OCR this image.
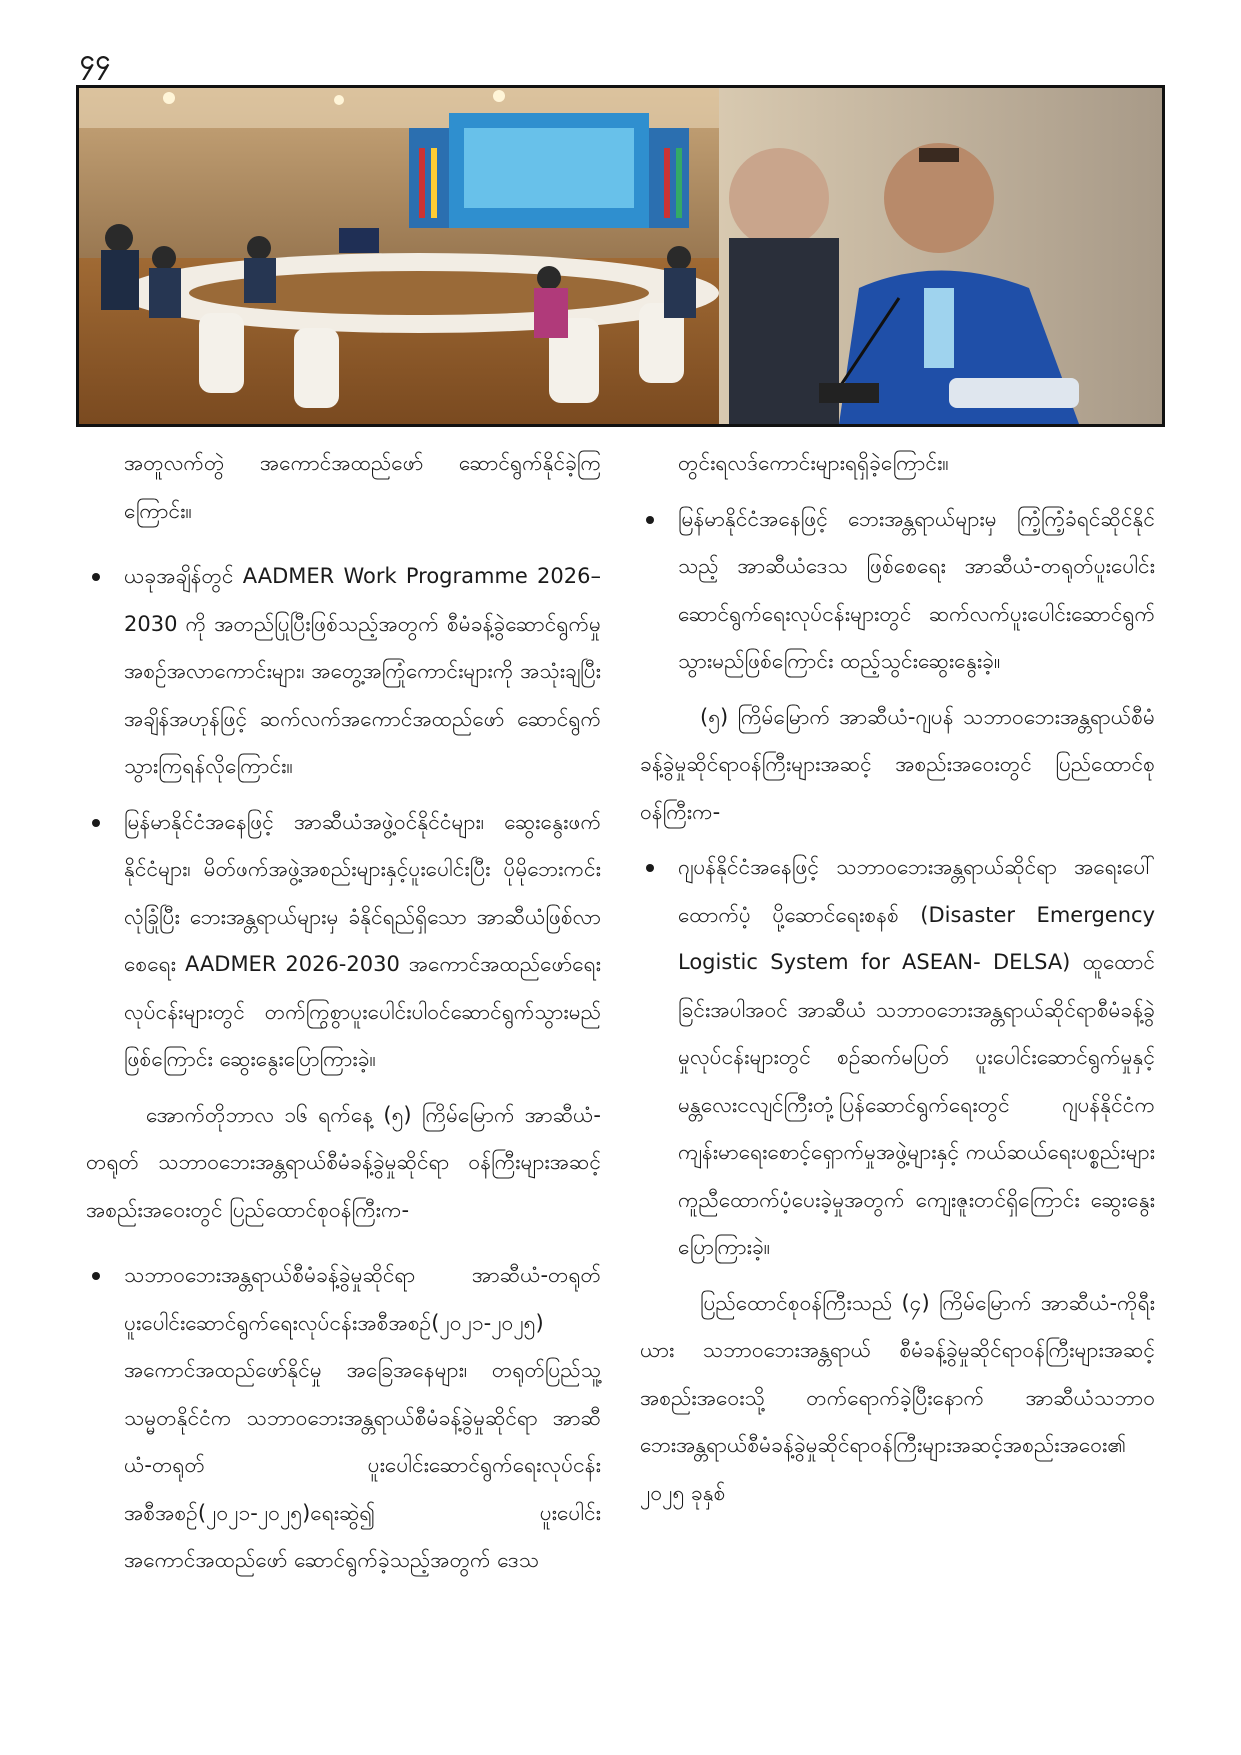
၄၄

အတူလက်တွဲ အကောင်အထည်ဖော် ဆောင်ရွက်နိုင်ခဲ့ကြကြောင်း။

ယခုအချိန်တွင် AADMER Work Programme 2026–2030 ကို အတည်ပြုပြီးဖြစ်သည့်အတွက် စီမံခန့်ခွဲဆောင်ရွက်မှု အစဉ်အလာကောင်းများ၊ အတွေ့အကြုံကောင်းများကို အသုံးချပြီး အချိန်အဟုန်ဖြင့် ဆက်လက်အကောင်အထည်ဖော် ဆောင်ရွက်သွားကြရန်လိုကြောင်း။
မြန်မာနိုင်ငံအနေဖြင့် အာဆီယံအဖွဲ့ဝင်နိုင်ငံများ၊ ဆွေးနွေးဖက်နိုင်ငံများ၊ မိတ်ဖက်အဖွဲ့အစည်းများနှင့်ပူးပေါင်းပြီး ပိုမိုဘေးကင်းလုံခြုံပြီး ဘေးအန္တရာယ်များမှ ခံနိုင်ရည်ရှိသော အာဆီယံဖြစ်လာစေရေး AADMER 2026-2030 အကောင်အထည်ဖော်ရေးလုပ်ငန်းများတွင် တက်ကြွစွာပူးပေါင်းပါဝင်ဆောင်ရွက်သွားမည်ဖြစ်ကြောင်း ဆွေးနွေးပြောကြားခဲ့။

အောက်တိုဘာလ ၁၆ ရက်နေ့ (၅) ကြိမ်မြောက် အာဆီယံ-တရုတ် သဘာဝဘေးအန္တရာယ်စီမံခန့်ခွဲမှုဆိုင်ရာ ဝန်ကြီးများအဆင့်အစည်းအဝေးတွင် ပြည်ထောင်စုဝန်ကြီးက-

သဘာဝဘေးအန္တရာယ်စီမံခန့်ခွဲမှုဆိုင်ရာ အာဆီယံ-တရုတ်ပူးပေါင်းဆောင်ရွက်ရေးလုပ်ငန်းအစီအစဉ်(၂၀၂၁-၂၀၂၅) အကောင်အထည်ဖော်နိုင်မှု အခြေအနေများ၊ တရုတ်ပြည်သူ့သမ္မတနိုင်ငံက သဘာဝဘေးအန္တရာယ်စီမံခန့်ခွဲမှုဆိုင်ရာ အာဆီယံ-တရုတ် ပူးပေါင်းဆောင်ရွက်ရေးလုပ်ငန်းအစီအစဉ်(၂၀၂၁-၂၀၂၅)ရေးဆွဲ၍ ပူးပေါင်းအကောင်အထည်ဖော် ဆောင်ရွက်ခဲ့သည့်အတွက် ဒေသ

တွင်းရလဒ်ကောင်းများရရှိခဲ့ကြောင်း။

မြန်မာနိုင်ငံအနေဖြင့် ဘေးအန္တရာယ်များမှ ကြံ့ကြံ့ခံရင်ဆိုင်နိုင်သည့် အာဆီယံဒေသ ဖြစ်စေရေး အာဆီယံ-တရုတ်ပူးပေါင်းဆောင်ရွက်ရေးလုပ်ငန်းများတွင် ဆက်လက်ပူးပေါင်းဆောင်ရွက်သွားမည်ဖြစ်ကြောင်း ထည့်သွင်းဆွေးနွေးခဲ့။

(၅) ကြိမ်မြောက် အာဆီယံ-ဂျပန် သဘာဝဘေးအန္တရာယ်စီမံခန့်ခွဲမှုဆိုင်ရာဝန်ကြီးများအဆင့် အစည်းအဝေးတွင် ပြည်ထောင်စုဝန်ကြီးက-

ဂျပန်နိုင်ငံအနေဖြင့် သဘာဝဘေးအန္တရာယ်ဆိုင်ရာ အရေးပေါ်ထောက်ပံ့ ပို့ဆောင်ရေးစနစ် (Disaster Emergency Logistic System for ASEAN- DELSA) ထူထောင်ခြင်းအပါအဝင် အာဆီယံ သဘာဝဘေးအန္တရာယ်ဆိုင်ရာစီမံခန့်ခွဲမှုလုပ်ငန်းများတွင် စဉ်ဆက်မပြတ် ပူးပေါင်းဆောင်ရွက်မှုနှင့် မန္တလေးငလျင်ကြီးတုံ့ပြန်ဆောင်ရွက်ရေးတွင် ဂျပန်နိုင်ငံက ကျန်းမာရေးစောင့်ရှောက်မှုအဖွဲ့များနှင့် ကယ်ဆယ်ရေးပစ္စည်းများကူညီထောက်ပံ့ပေးခဲ့မှုအတွက် ကျေးဇူးတင်ရှိကြောင်း ဆွေးနွေးပြောကြားခဲ့။

ပြည်ထောင်စုဝန်ကြီးသည် (၄) ကြိမ်မြောက် အာဆီယံ-ကိုရီးယား သဘာဝဘေးအန္တရာယ် စီမံခန့်ခွဲမှုဆိုင်ရာဝန်ကြီးများအဆင့် အစည်းအဝေးသို့ တက်ရောက်ခဲ့ပြီးနောက် အာဆီယံသဘာဝဘေးအန္တရာယ်စီမံခန့်ခွဲမှုဆိုင်ရာဝန်ကြီးများအဆင့်အစည်းအဝေး၏ ၂၀၂၅ ခုနှစ်
